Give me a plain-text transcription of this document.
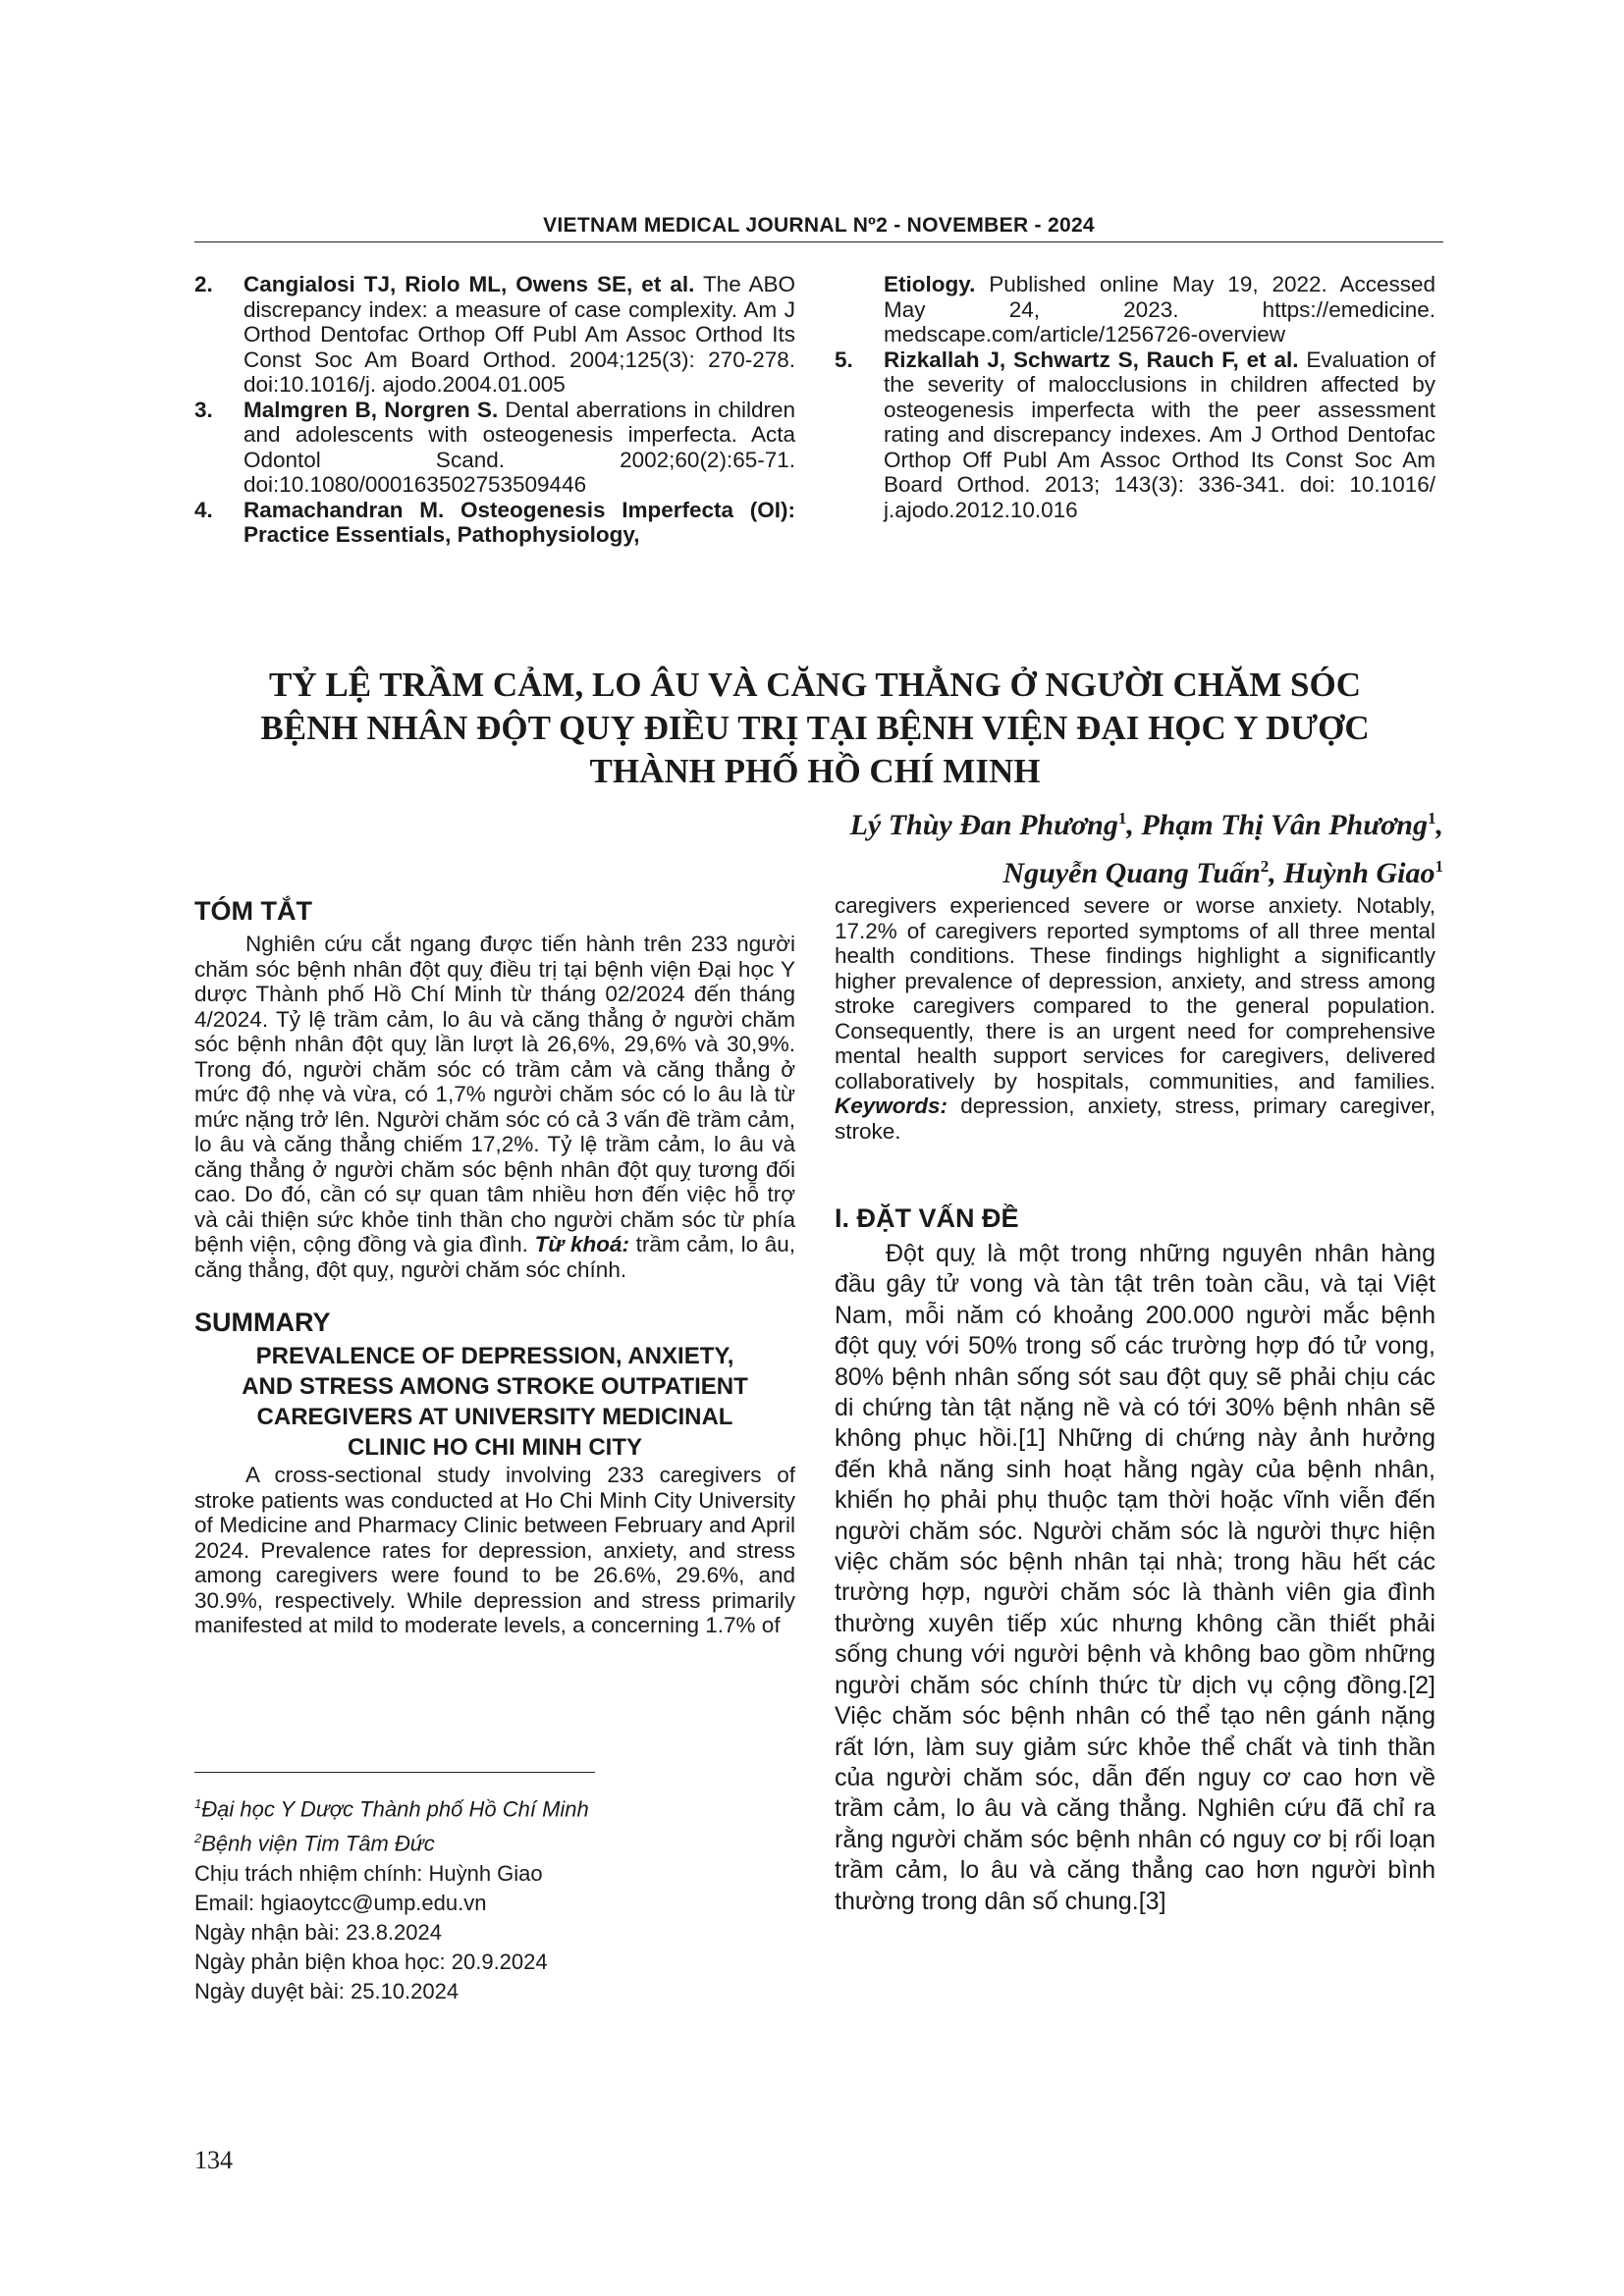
VIETNAM MEDICAL JOURNAL Nº2 - NOVEMBER - 2024
2.	Cangialosi TJ, Riolo ML, Owens SE, et al. The ABO discrepancy index: a measure of case complexity. Am J Orthod Dentofac Orthop Off Publ Am Assoc Orthod Its Const Soc Am Board Orthod. 2004;125(3): 270-278. doi:10.1016/j. ajodo.2004.01.005
3.	Malmgren B, Norgren S. Dental aberrations in children and adolescents with osteogenesis imperfecta. Acta Odontol Scand. 2002;60(2):65-71. doi:10.1080/000163502753509446
4.	Ramachandran M. Osteogenesis Imperfecta (OI): Practice Essentials, Pathophysiology,
Etiology. Published online May 19, 2022. Accessed May 24, 2023. https://emedicine. medscape.com/article/1256726-overview
5.	Rizkallah J, Schwartz S, Rauch F, et al. Evaluation of the severity of malocclusions in children affected by osteogenesis imperfecta with the peer assessment rating and discrepancy indexes. Am J Orthod Dentofac Orthop Off Publ Am Assoc Orthod Its Const Soc Am Board Orthod. 2013; 143(3): 336-341. doi: 10.1016/ j.ajodo.2012.10.016
TỶ LỆ TRẦM CẢM, LO ÂU VÀ CĂNG THẲNG Ở NGƯỜI CHĂM SÓC
BỆNH NHÂN ĐỘT QUỴ ĐIỀU TRỊ TẠI BỆNH VIỆN ĐẠI HỌC Y DƯỢC
THÀNH PHỐ HỒ CHÍ MINH
Lý Thùy Đan Phương$^1$, Phạm Thị Vân Phương$^1$,
Nguyễn Quang Tuấn$^2$, Huỳnh Giao$^1$
TÓM TẮT

Nghiên cứu cắt ngang được tiến hành trên 233 người chăm sóc bệnh nhân đột quỵ điều trị tại bệnh viện Đại học Y dược Thành phố Hồ Chí Minh từ tháng 02/2024 đến tháng 4/2024. Tỷ lệ trầm cảm, lo âu và căng thẳng ở người chăm sóc bệnh nhân đột quỵ lần lượt là 26,6%, 29,6% và 30,9%. Trong đó, người chăm sóc có trầm cảm và căng thẳng ở mức độ nhẹ và vừa, có 1,7% người chăm sóc có lo âu là từ mức nặng trở lên. Người chăm sóc có cả 3 vấn đề trầm cảm, lo âu và căng thẳng chiếm 17,2%. Tỷ lệ trầm cảm, lo âu và căng thẳng ở người chăm sóc bệnh nhân đột quỵ tương đối cao. Do đó, cần có sự quan tâm nhiều hơn đến việc hỗ trợ và cải thiện sức khỏe tinh thần cho người chăm sóc từ phía bệnh viện, cộng đồng và gia đình. Từ khoá: trầm cảm, lo âu, căng thẳng, đột quỵ, người chăm sóc chính.

SUMMARY
PREVALENCE OF DEPRESSION, ANXIETY,
AND STRESS AMONG STROKE OUTPATIENT
CAREGIVERS AT UNIVERSITY MEDICINAL
CLINIC HO CHI MINH CITY

A cross-sectional study involving 233 caregivers of stroke patients was conducted at Ho Chi Minh City University of Medicine and Pharmacy Clinic between February and April 2024. Prevalence rates for depression, anxiety, and stress among caregivers were found to be 26.6%, 29.6%, and 30.9%, respectively. While depression and stress primarily manifested at mild to moderate levels, a concerning 1.7% of

caregivers experienced severe or worse anxiety. Notably, 17.2% of caregivers reported symptoms of all three mental health conditions. These findings highlight a significantly higher prevalence of depression, anxiety, and stress among stroke caregivers compared to the general population. Consequently, there is an urgent need for comprehensive mental health support services for caregivers, delivered collaboratively by hospitals, communities, and families. Keywords: depression, anxiety, stress, primary caregiver, stroke.

I. ĐẶT VẤN ĐỀ

Đột quỵ là một trong những nguyên nhân hàng đầu gây tử vong và tàn tật trên toàn cầu, và tại Việt Nam, mỗi năm có khoảng 200.000 người mắc bệnh đột quỵ với 50% trong số các trường hợp đó tử vong, 80% bệnh nhân sống sót sau đột quỵ sẽ phải chịu các di chứng tàn tật nặng nề và có tới 30% bệnh nhân sẽ không phục hồi.[1] Những di chứng này ảnh hưởng đến khả năng sinh hoạt hằng ngày của bệnh nhân, khiến họ phải phụ thuộc tạm thời hoặc vĩnh viễn đến người chăm sóc. Người chăm sóc là người thực hiện việc chăm sóc bệnh nhân tại nhà; trong hầu hết các trường hợp, người chăm sóc là thành viên gia đình thường xuyên tiếp xúc nhưng không cần thiết phải sống chung với người bệnh và không bao gồm những người chăm sóc chính thức từ dịch vụ cộng đồng.[2] Việc chăm sóc bệnh nhân có thể tạo nên gánh nặng rất lớn, làm suy giảm sức khỏe thể chất và tinh thần của người chăm sóc, dẫn đến nguy cơ cao hơn về trầm cảm, lo âu và căng thẳng. Nghiên cứu đã chỉ ra rằng người chăm sóc bệnh nhân có nguy cơ bị rối loạn trầm cảm, lo âu và căng thẳng cao hơn người bình thường trong dân số chung.[3]

$^1$Đại học Y Dược Thành phố Hồ Chí Minh
$^2$Bệnh viện Tim Tâm Đức
Chịu trách nhiệm chính: Huỳnh Giao
Email: hgiaoytcc@ump.edu.vn
Ngày nhận bài: 23.8.2024
Ngày phản biện khoa học: 20.9.2024
Ngày duyệt bài: 25.10.2024
134
